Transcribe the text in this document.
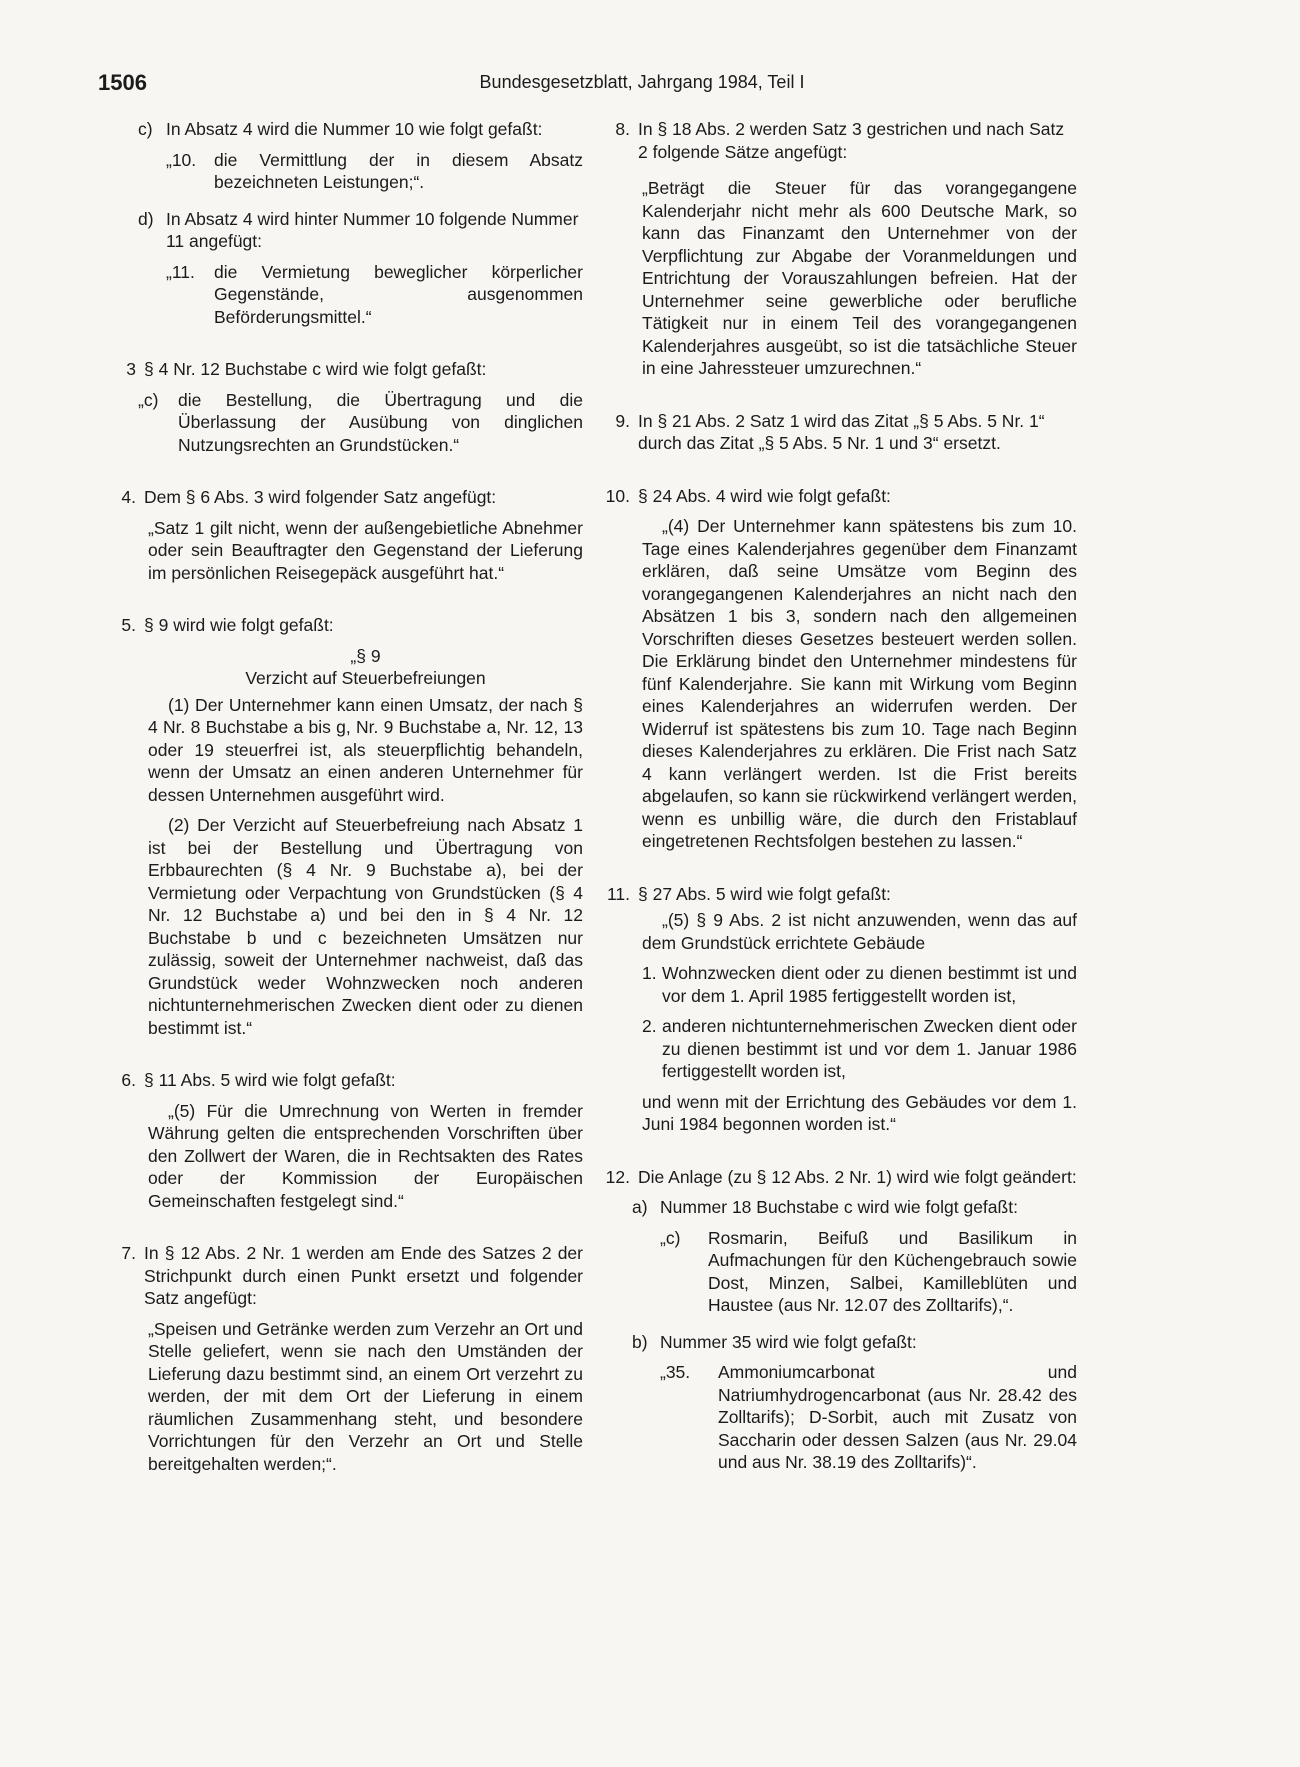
1506	Bundesgesetzblatt, Jahrgang 1984, Teil I
c) In Absatz 4 wird die Nummer 10 wie folgt gefaßt:
„10. die Vermittlung der in diesem Absatz bezeichneten Leistungen;“.
d) In Absatz 4 wird hinter Nummer 10 folgende Nummer 11 angefügt:
„11. die Vermietung beweglicher körperlicher Gegenstände, ausgenommen Beförderungsmittel.“
3 § 4 Nr. 12 Buchstabe c wird wie folgt gefaßt:
„c) die Bestellung, die Übertragung und die Überlassung der Ausübung von dinglichen Nutzungsrechten an Grundstücken.“
4. Dem § 6 Abs. 3 wird folgender Satz angefügt:
„Satz 1 gilt nicht, wenn der außengebietliche Abnehmer oder sein Beauftragter den Gegenstand der Lieferung im persönlichen Reisegepäck ausgeführt hat.“
5. § 9 wird wie folgt gefaßt:
„§ 9
Verzicht auf Steuerbefreiungen
(1) Der Unternehmer kann einen Umsatz, der nach § 4 Nr. 8 Buchstabe a bis g, Nr. 9 Buchstabe a, Nr. 12, 13 oder 19 steuerfrei ist, als steuerpflichtig behandeln, wenn der Umsatz an einen anderen Unternehmer für dessen Unternehmen ausgeführt wird.
(2) Der Verzicht auf Steuerbefreiung nach Absatz 1 ist bei der Bestellung und Übertragung von Erbbaurechten (§ 4 Nr. 9 Buchstabe a), bei der Vermietung oder Verpachtung von Grundstücken (§ 4 Nr. 12 Buchstabe a) und bei den in § 4 Nr. 12 Buchstabe b und c bezeichneten Umsätzen nur zulässig, soweit der Unternehmer nachweist, daß das Grundstück weder Wohnzwecken noch anderen nichtunternehmerischen Zwecken dient oder zu dienen bestimmt ist.“
6. § 11 Abs. 5 wird wie folgt gefaßt:
„(5) Für die Umrechnung von Werten in fremder Währung gelten die entsprechenden Vorschriften über den Zollwert der Waren, die in Rechtsakten des Rates oder der Kommission der Europäischen Gemeinschaften festgelegt sind.“
7. In § 12 Abs. 2 Nr. 1 werden am Ende des Satzes 2 der Strichpunkt durch einen Punkt ersetzt und folgender Satz angefügt:
„Speisen und Getränke werden zum Verzehr an Ort und Stelle geliefert, wenn sie nach den Umständen der Lieferung dazu bestimmt sind, an einem Ort verzehrt zu werden, der mit dem Ort der Lieferung in einem räumlichen Zusammenhang steht, und besondere Vorrichtungen für den Verzehr an Ort und Stelle bereitgehalten werden;“.
8. In § 18 Abs. 2 werden Satz 3 gestrichen und nach Satz 2 folgende Sätze angefügt:
„Beträgt die Steuer für das vorangegangene Kalenderjahr nicht mehr als 600 Deutsche Mark, so kann das Finanzamt den Unternehmer von der Verpflichtung zur Abgabe der Voranmeldungen und Entrichtung der Vorauszahlungen befreien. Hat der Unternehmer seine gewerbliche oder berufliche Tätigkeit nur in einem Teil des vorangegangenen Kalenderjahres ausgeübt, so ist die tatsächliche Steuer in eine Jahressteuer umzurechnen.“
9. In § 21 Abs. 2 Satz 1 wird das Zitat „§ 5 Abs. 5 Nr. 1“ durch das Zitat „§ 5 Abs. 5 Nr. 1 und 3“ ersetzt.
10. § 24 Abs. 4 wird wie folgt gefaßt:
„(4) Der Unternehmer kann spätestens bis zum 10. Tage eines Kalenderjahres gegenüber dem Finanzamt erklären, daß seine Umsätze vom Beginn des vorangegangenen Kalenderjahres an nicht nach den Absätzen 1 bis 3, sondern nach den allgemeinen Vorschriften dieses Gesetzes besteuert werden sollen. Die Erklärung bindet den Unternehmer mindestens für fünf Kalenderjahre. Sie kann mit Wirkung vom Beginn eines Kalenderjahres an widerrufen werden. Der Widerruf ist spätestens bis zum 10. Tage nach Beginn dieses Kalenderjahres zu erklären. Die Frist nach Satz 4 kann verlängert werden. Ist die Frist bereits abgelaufen, so kann sie rückwirkend verlängert werden, wenn es unbillig wäre, die durch den Fristablauf eingetretenen Rechtsfolgen bestehen zu lassen.“
11. § 27 Abs. 5 wird wie folgt gefaßt:
„(5) § 9 Abs. 2 ist nicht anzuwenden, wenn das auf dem Grundstück errichtete Gebäude
1. Wohnzwecken dient oder zu dienen bestimmt ist und vor dem 1. April 1985 fertiggestellt worden ist,
2. anderen nichtunternehmerischen Zwecken dient oder zu dienen bestimmt ist und vor dem 1. Januar 1986 fertiggestellt worden ist,
und wenn mit der Errichtung des Gebäudes vor dem 1. Juni 1984 begonnen worden ist.“
12. Die Anlage (zu § 12 Abs. 2 Nr. 1) wird wie folgt geändert:
a) Nummer 18 Buchstabe c wird wie folgt gefaßt:
„c) Rosmarin, Beifuß und Basilikum in Aufmachungen für den Küchengebrauch sowie Dost, Minzen, Salbei, Kamilleblüten und Haustee (aus Nr. 12.07 des Zolltarifs),“.
b) Nummer 35 wird wie folgt gefaßt:
„35. Ammoniumcarbonat und Natriumhydrogencarbonat (aus Nr. 28.42 des Zolltarifs); D-Sorbit, auch mit Zusatz von Saccharin oder dessen Salzen (aus Nr. 29.04 und aus Nr. 38.19 des Zolltarifs)“.
